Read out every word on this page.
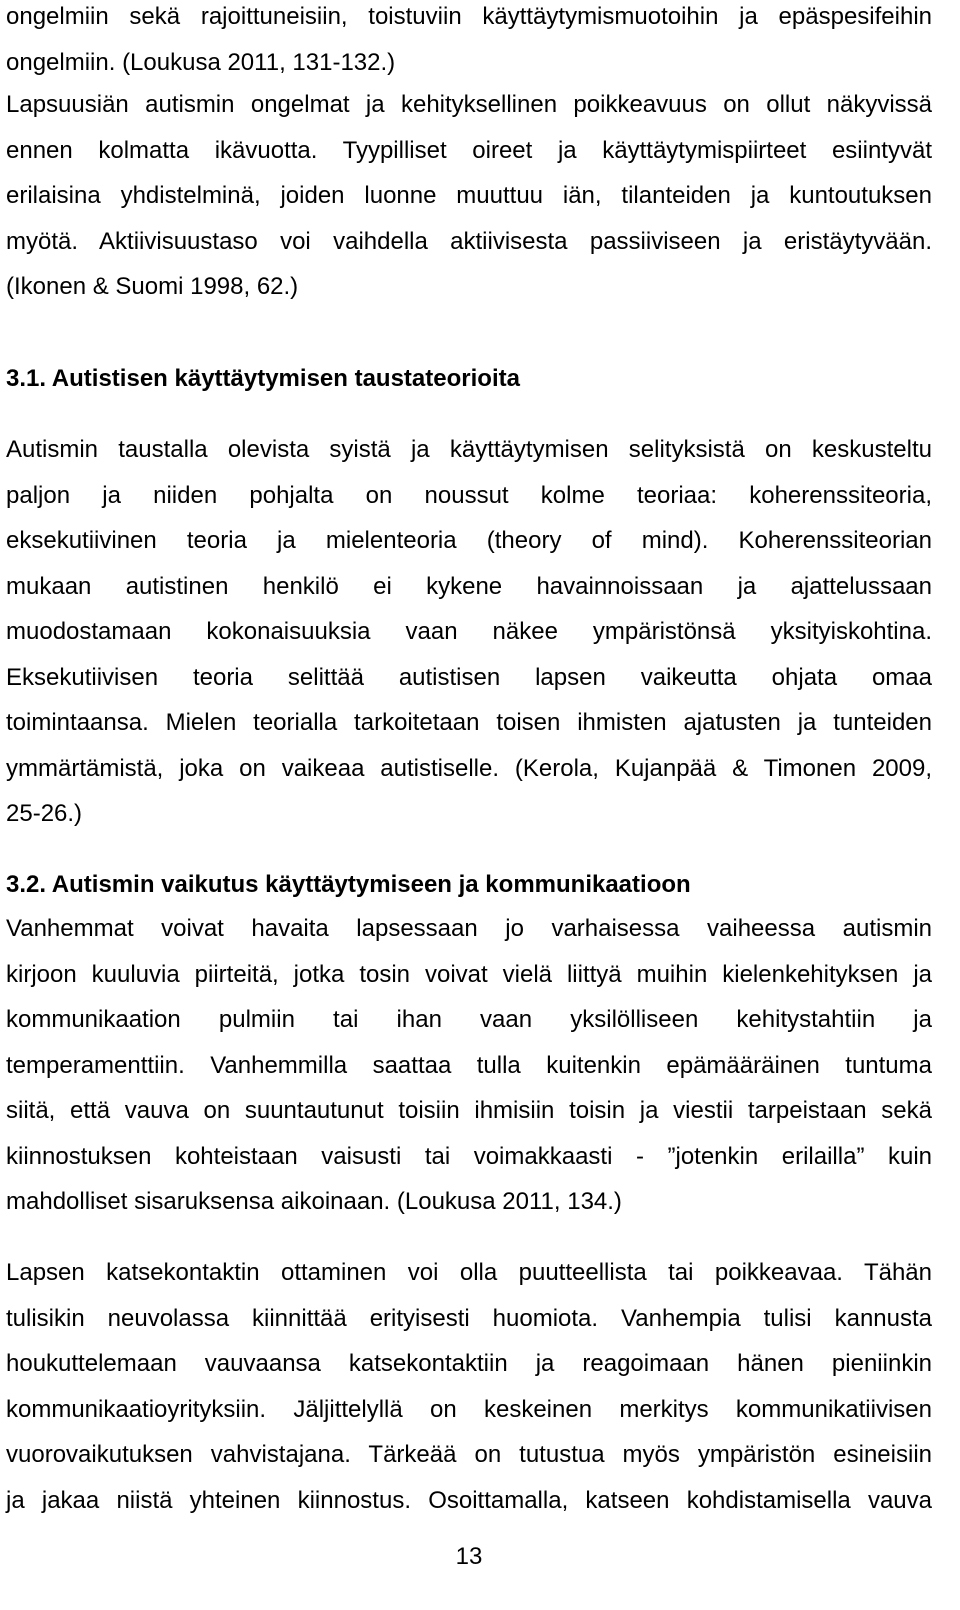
ongelmiin sekä rajoittuneisiin, toistuviin käyttäytymismuotoihin ja epäspesifeihin
ongelmiin. (Loukusa 2011, 131-132.)
Lapsuusiän autismin ongelmat ja kehityksellinen poikkeavuus on ollut näkyvissä
ennen kolmatta ikävuotta. Tyypilliset oireet ja käyttäytymispiirteet esiintyvät
erilaisina yhdistelminä, joiden luonne muuttuu iän, tilanteiden ja kuntoutuksen
myötä. Aktiivisuustaso voi vaihdella aktiivisesta passiiviseen ja eristäytyvään.
(Ikonen & Suomi 1998, 62.)
3.1. Autistisen käyttäytymisen taustateorioita
Autismin taustalla olevista syistä ja käyttäytymisen selityksistä on keskusteltu
paljon ja niiden pohjalta on noussut kolme teoriaa: koherenssiteoria,
eksekutiivinen teoria ja mielenteoria (theory of mind). Koherenssiteorian
mukaan autistinen henkilö ei kykene havainnoissaan ja ajattelussaan
muodostamaan kokonaisuuksia vaan näkee ympäristönsä yksityiskohtina.
Eksekutiivisen teoria selittää autistisen lapsen vaikeutta ohjata omaa
toimintaansa. Mielen teorialla tarkoitetaan toisen ihmisten ajatusten ja tunteiden
ymmärtämistä, joka on vaikeaa autistiselle. (Kerola, Kujanpää & Timonen 2009,
25-26.)
3.2. Autismin vaikutus käyttäytymiseen ja kommunikaatioon
Vanhemmat voivat havaita lapsessaan jo varhaisessa vaiheessa autismin
kirjoon kuuluvia piirteitä, jotka tosin voivat vielä liittyä muihin kielenkehityksen ja
kommunikaation pulmiin tai ihan vaan yksilölliseen kehitystahtiin ja
temperamenttiin. Vanhemmilla saattaa tulla kuitenkin epämääräinen tuntuma
siitä, että vauva on suuntautunut toisiin ihmisiin toisin ja viestii tarpeistaan sekä
kiinnostuksen kohteistaan vaisusti tai voimakkaasti - ”jotenkin erilailla” kuin
mahdolliset sisaruksensa aikoinaan. (Loukusa 2011, 134.)
Lapsen katsekontaktin ottaminen voi olla puutteellista tai poikkeavaa. Tähän
tulisikin neuvolassa kiinnittää erityisesti huomiota. Vanhempia tulisi kannusta
houkuttelemaan vauvaansa katsekontaktiin ja reagoimaan hänen pieniinkin
kommunikaatioyrityksiin. Jäljittelyllä on keskeinen merkitys kommunikatiivisen
vuorovaikutuksen vahvistajana. Tärkeää on tutustua myös ympäristön esineisiin
ja jakaa niistä yhteinen kiinnostus. Osoittamalla, katseen kohdistamisella vauva
13
